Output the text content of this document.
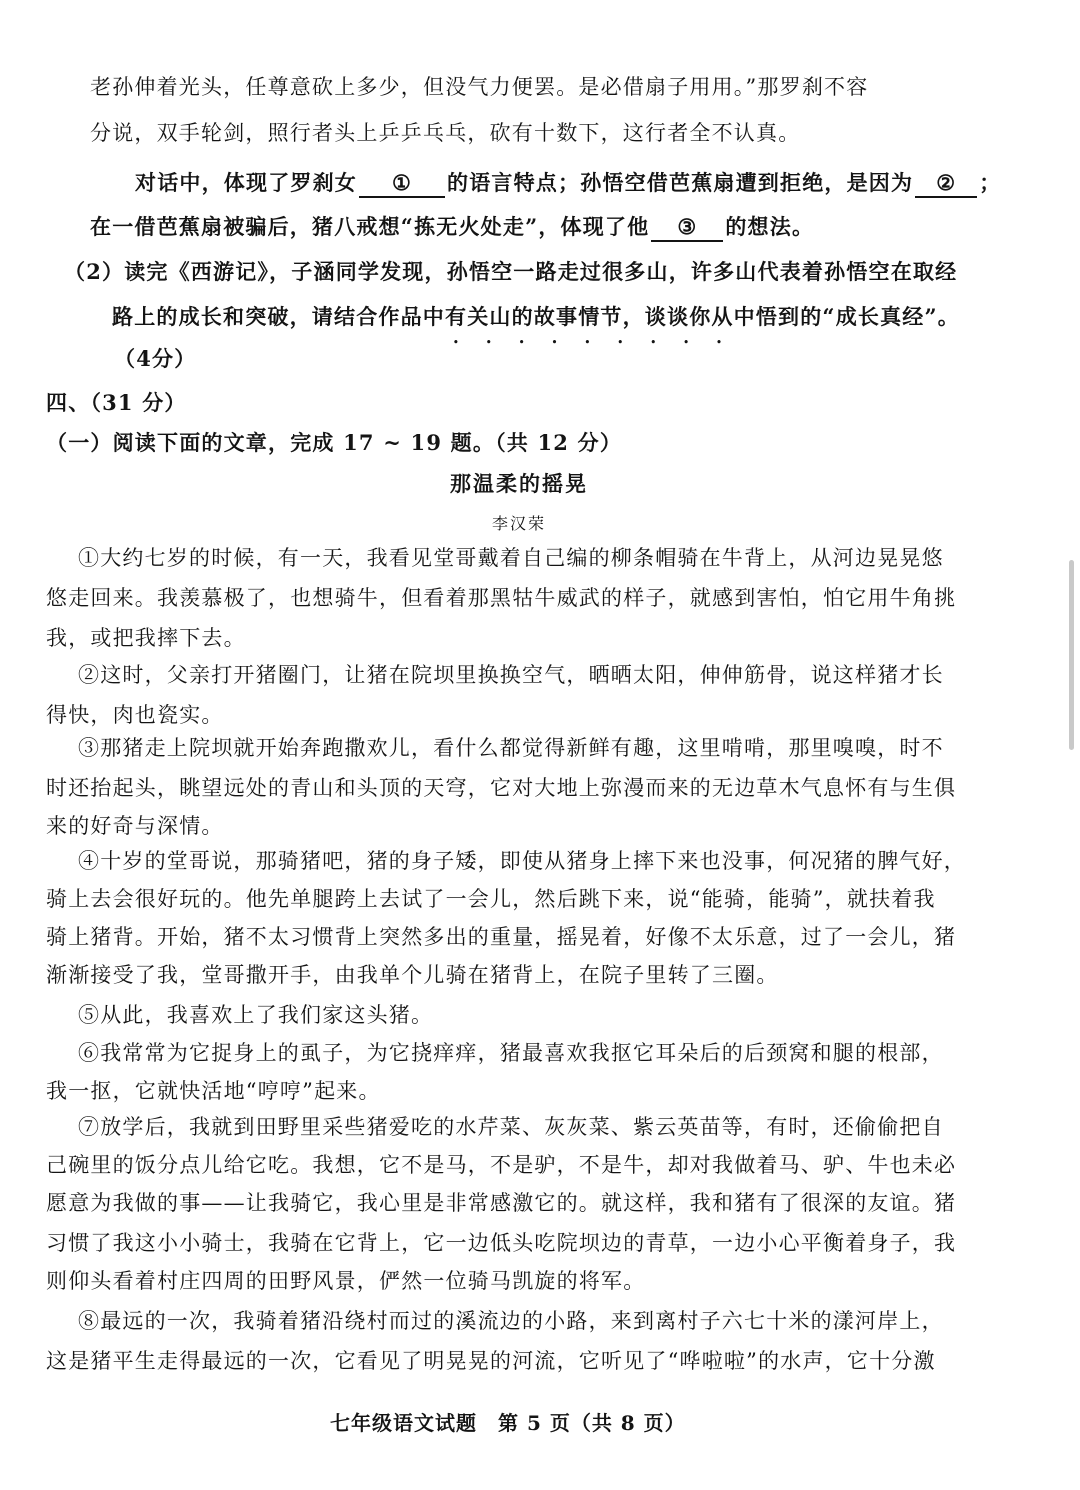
老孙伸着光头，任尊意砍上多少，但没气力便罢。是必借扇子用用。”那罗刹不容
分说，双手轮剑，照行者头上乒乒乓乓，砍有十数下，这行者全不认真。
对话中，体现了罗刹女 ① 的语言特点；孙悟空借芭蕉扇遭到拒绝，是因为 ② ；
在一借芭蕉扇被骗后，猪八戒想“拣无火处走”，体现了他 ③ 的想法。
（2）读完《西游记》，子涵同学发现，孙悟空一路走过很多山，许多山代表着孙悟空在取经
路上的成长和突破，请结合作品中有关山的故事情节 • • •，谈谈你从中悟到的“成长真经”。
（4分）
四、（31 分）
（一）阅读下面的文章，完成 17 ~ 19 题。（共 12 分）
那温柔的摇晃
李汉荣
①大约七岁的时候，有一天，我看见堂哥戴着自己编的柳条帽骑在牛背上，从河边晃晃悠
悠走回来。我羡慕极了，也想骑牛，但看着那黑牯牛威武的样子，就感到害怕，怕它用牛角挑
我，或把我摔下去。
②这时，父亲打开猪圈门，让猪在院坝里换换空气，晒晒太阳，伸伸筋骨，说这样猪才长
得快，肉也瓷实。
③那猪走上院坝就开始奔跑撒欢儿，看什么都觉得新鲜有趣，这里啃啃，那里嗅嗅，时不
时还抬起头，眺望远处的青山和头顶的天穹，它对大地上弥漫而来的无边草木气息怀有与生俱
来的好奇与深情。
④十岁的堂哥说，那骑猪吧，猪的身子矮，即使从猪身上摔下来也没事，何况猪的脾气好，
骑上去会很好玩的。他先单腿跨上去试了一会儿，然后跳下来，说“能骑，能骑”，就扶着我
骑上猪背。开始，猪不太习惯背上突然多出的重量，摇晃着，好像不太乐意，过了一会儿，猪
渐渐接受了我，堂哥撒开手，由我单个儿骑在猪背上，在院子里转了三圈。
⑤从此，我喜欢上了我们家这头猪。
⑥我常常为它捉身上的虱子，为它挠痒痒，猪最喜欢我抠它耳朵后的后颈窝和腿的根部，
我一抠，它就快活地“哼哼”起来。
⑦放学后，我就到田野里采些猪爱吃的水芹菜、灰灰菜、紫云英苗等，有时，还偷偷把自
己碗里的饭分点儿给它吃。我想，它不是马，不是驴，不是牛，却对我做着马、驴、牛也未必
愿意为我做的事——让我骑它，我心里是非常感激它的。就这样，我和猪有了很深的友谊。猪
习惯了我这小小骑士，我骑在它背上，它一边低头吃院坝边的青草，一边小心平衡着身子，我
则仰头看着村庄四周的田野风景，俨然一位骑马凯旋的将军。
⑧最远的一次，我骑着猪沿绕村而过的溪流边的小路，来到离村子六七十米的漾河岸上，
这是猪平生走得最远的一次，它看见了明晃晃的河流，它听见了“哗啦啦”的水声，它十分激
七年级语文试题　第 5 页（共 8 页）
